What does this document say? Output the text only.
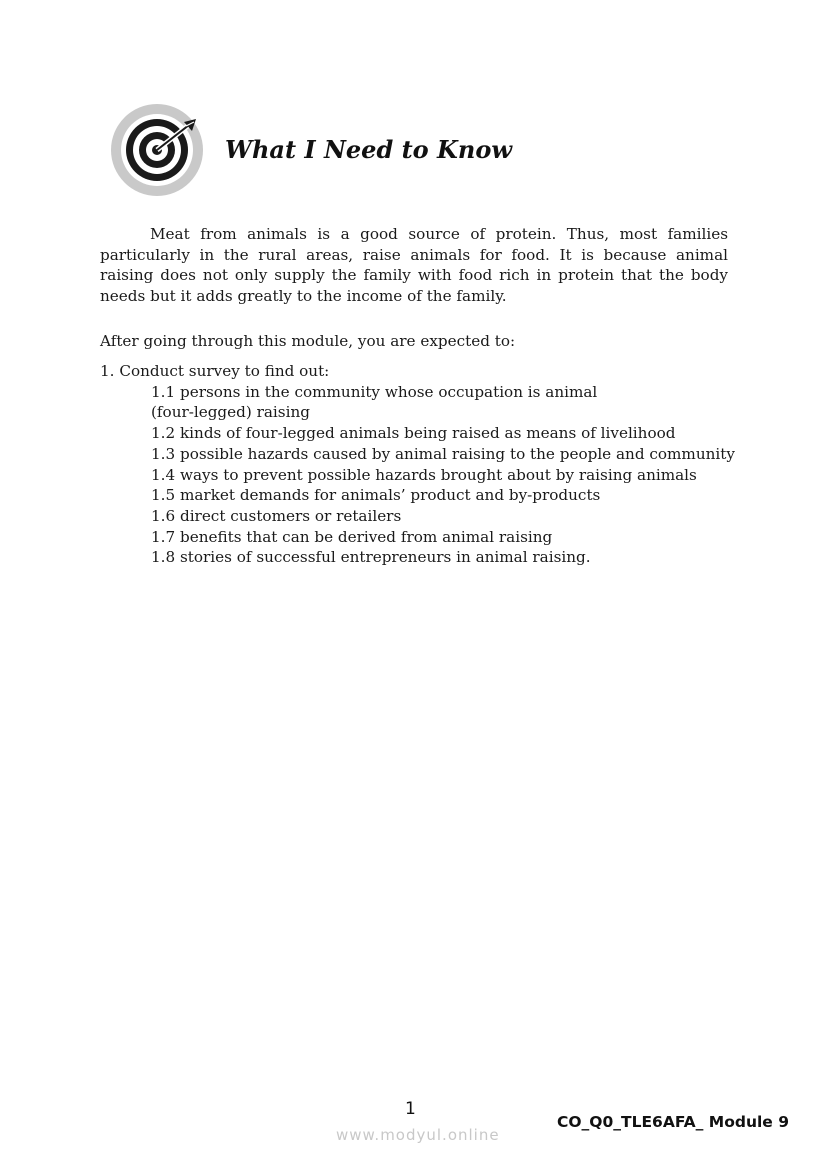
What I Need to Know

Meat from animals is a good source of protein. Thus, most families particularly in the rural areas, raise animals for food. It is because animal raising does not only supply the family with food rich in protein that the body needs but it adds greatly to the income of the family.

After going through this module, you are expected to:

1. Conduct survey to find out:
1.1 persons in the community whose occupation is animal
(four-legged) raising
1.2 kinds of four-legged animals being raised as means of livelihood
1.3 possible hazards caused by animal raising to the people and community
1.4 ways to prevent possible hazards brought about by raising animals
1.5 market demands for animals’ product and by-products
1.6 direct customers or retailers
1.7 benefits that can be derived from animal raising
1.8 stories of successful entrepreneurs in animal raising.
1
www.modyul.online
CO_Q0_TLE6AFA_ Module 9
